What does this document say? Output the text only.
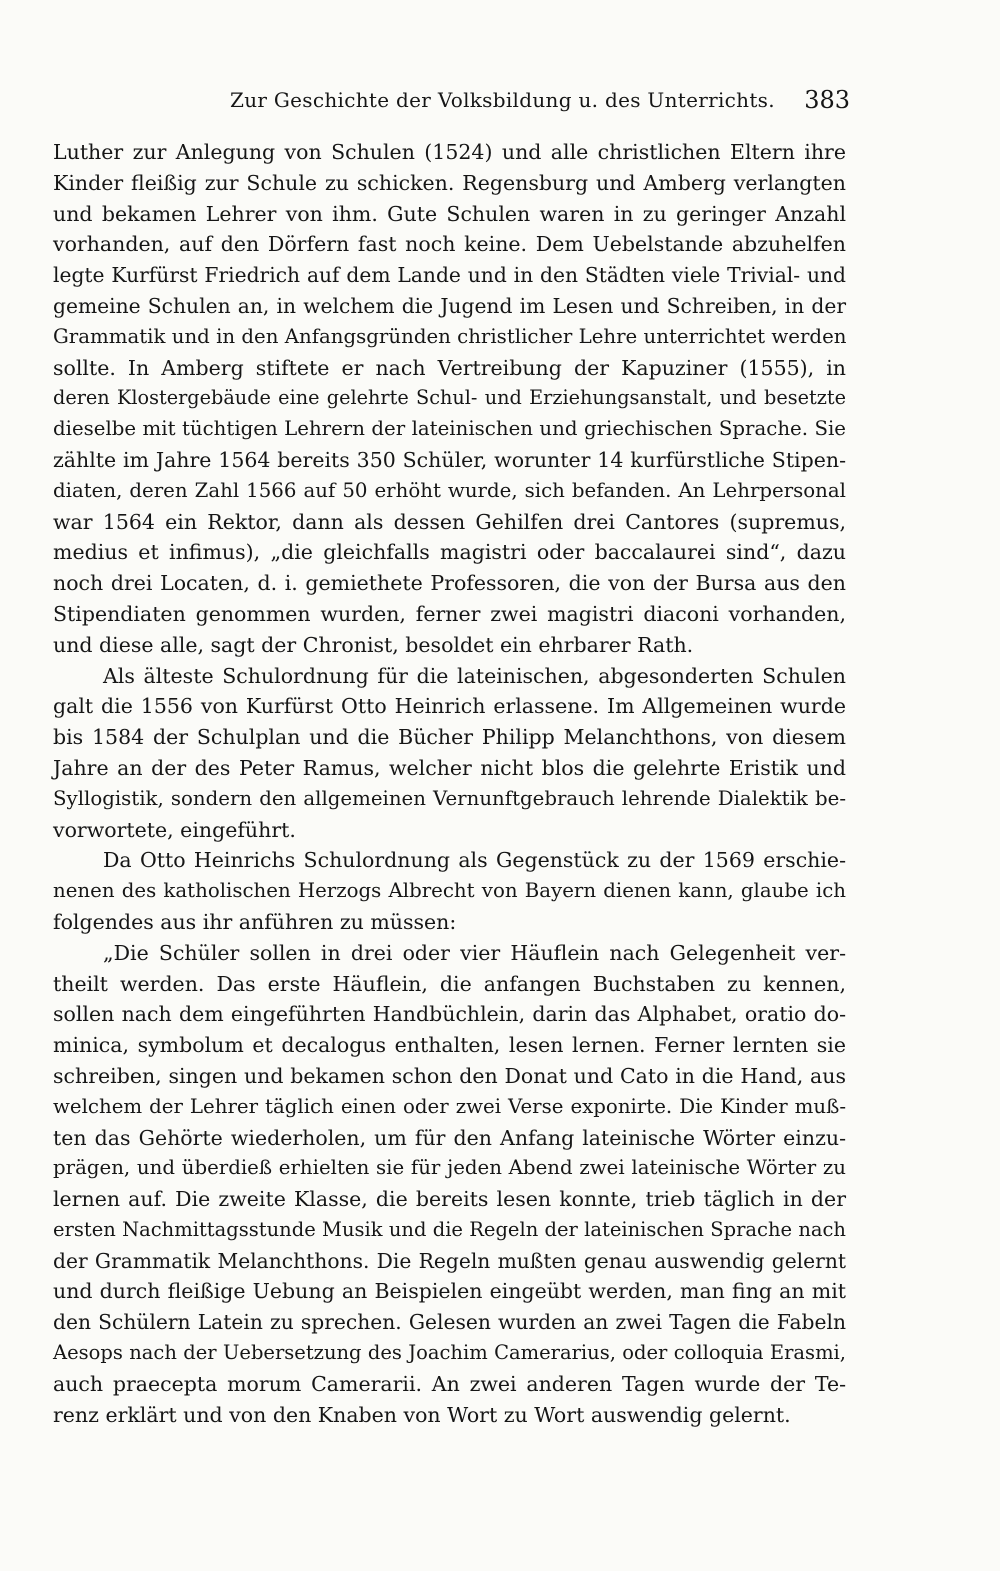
Zur Geschichte der Volksbildung u. des Unterrichts. 383
Luther zur Anlegung von Schulen (1524) und alle christlichen Eltern ihre
Kinder fleißig zur Schule zu schicken. Regensburg und Amberg verlangten
und bekamen Lehrer von ihm. Gute Schulen waren in zu geringer Anzahl
vorhanden, auf den Dörfern fast noch keine. Dem Uebelstande abzuhelfen
legte Kurfürst Friedrich auf dem Lande und in den Städten viele Trivial- und
gemeine Schulen an, in welchem die Jugend im Lesen und Schreiben, in der
Grammatik und in den Anfangsgründen christlicher Lehre unterrichtet werden
sollte. In Amberg stiftete er nach Vertreibung der Kapuziner (1555), in
deren Klostergebäude eine gelehrte Schul- und Erziehungsanstalt, und besetzte
dieselbe mit tüchtigen Lehrern der lateinischen und griechischen Sprache. Sie
zählte im Jahre 1564 bereits 350 Schüler, worunter 14 kurfürstliche Stipen-
diaten, deren Zahl 1566 auf 50 erhöht wurde, sich befanden. An Lehrpersonal
war 1564 ein Rektor, dann als dessen Gehilfen drei Cantores (supremus,
medius et infimus), „die gleichfalls magistri oder baccalaurei sind“, dazu
noch drei Locaten, d. i. gemiethete Professoren, die von der Bursa aus den
Stipendiaten genommen wurden, ferner zwei magistri diaconi vorhanden,
und diese alle, sagt der Chronist, besoldet ein ehrbarer Rath.
Als älteste Schulordnung für die lateinischen, abgesonderten Schulen
galt die 1556 von Kurfürst Otto Heinrich erlassene. Im Allgemeinen wurde
bis 1584 der Schulplan und die Bücher Philipp Melanchthons, von diesem
Jahre an der des Peter Ramus, welcher nicht blos die gelehrte Eristik und
Syllogistik, sondern den allgemeinen Vernunftgebrauch lehrende Dialektik be-
vorwortete, eingeführt.
Da Otto Heinrichs Schulordnung als Gegenstück zu der 1569 erschie-
nenen des katholischen Herzogs Albrecht von Bayern dienen kann, glaube ich
folgendes aus ihr anführen zu müssen:
„Die Schüler sollen in drei oder vier Häuflein nach Gelegenheit ver-
theilt werden. Das erste Häuflein, die anfangen Buchstaben zu kennen,
sollen nach dem eingeführten Handbüchlein, darin das Alphabet, oratio do-
minica, symbolum et decalogus enthalten, lesen lernen. Ferner lernten sie
schreiben, singen und bekamen schon den Donat und Cato in die Hand, aus
welchem der Lehrer täglich einen oder zwei Verse exponirte. Die Kinder muß-
ten das Gehörte wiederholen, um für den Anfang lateinische Wörter einzu-
prägen, und überdieß erhielten sie für jeden Abend zwei lateinische Wörter zu
lernen auf. Die zweite Klasse, die bereits lesen konnte, trieb täglich in der
ersten Nachmittagsstunde Musik und die Regeln der lateinischen Sprache nach
der Grammatik Melanchthons. Die Regeln mußten genau auswendig gelernt
und durch fleißige Uebung an Beispielen eingeübt werden, man fing an mit
den Schülern Latein zu sprechen. Gelesen wurden an zwei Tagen die Fabeln
Aesops nach der Uebersetzung des Joachim Camerarius, oder colloquia Erasmi,
auch praecepta morum Camerarii. An zwei anderen Tagen wurde der Te-
renz erklärt und von den Knaben von Wort zu Wort auswendig gelernt.
